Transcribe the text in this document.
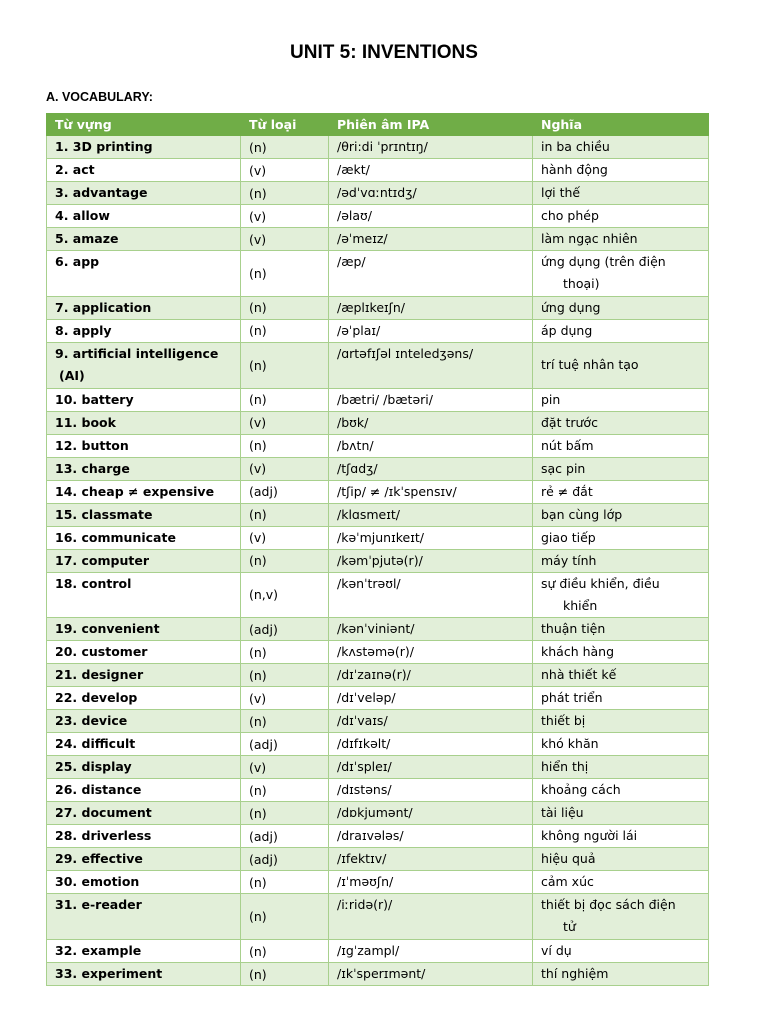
UNIT 5: INVENTIONS
A. VOCABULARY:
Từ vựng	Từ loại	Phiên âm IPA	Nghĩa

1. 3D printing	(n)	/θri:di ˈprɪntɪŋ/	in ba chiều

2. act	(v)	/ækt/	hành động

3. advantage	(n)	/ədˈvɑːntɪdʒ/	lợi thế

4. allow	(v)	/əlaʊ/	cho phép

5. amaze	(v)	/əˈmeɪz/	làm ngạc nhiên

6. app	(n)	/æp/	ứng dụng (trên điện
thoại)

7. application	(n)	/æplɪkeɪʃn/	ứng dụng

8. apply	(n)	/əˈplaɪ/	áp dụng

9. artificial intelligence
(AI)	(n)	/ɑrtəfɪʃəl ɪnteledʒəns/	trí tuệ nhân tạo

10. battery	(n)	/bætri/ /bætəri/	pin

11. book	(v)	/bʊk/	đặt trước

12. button	(n)	/bʌtn/	nút bấm

13. charge	(v)	/tʃɑdʒ/	sạc pin

14. cheap ≠ expensive	(adj)	/tʃip/ ≠ /ɪkˈspensɪv/	rẻ ≠ đắt

15. classmate	(n)	/klɑsmeɪt/	bạn cùng lớp

16. communicate	(v)	/kəˈmjunɪkeɪt/	giao tiếp

17. computer	(n)	/kəmˈpjutə(r)/	máy tính

18. control	(n,v)	/kənˈtrəʊl/	sự điều khiển, điều
khiển

19. convenient	(adj)	/kənˈviniənt/	thuận tiện

20. customer	(n)	/kʌstəmə(r)/	khách hàng

21. designer	(n)	/dɪˈzaɪnə(r)/	nhà thiết kế

22. develop	(v)	/dɪˈveləp/	phát triển

23. device	(n)	/dɪˈvaɪs/	thiết bị

24. difficult	(adj)	/dɪfɪkəlt/	khó khăn

25. display	(v)	/dɪˈspleɪ/	hiển thị

26. distance	(n)	/dɪstəns/	khoảng cách

27. document	(n)	/dɒkjumənt/	tài liệu

28. driverless	(adj)	/draɪvələs/	không người lái

29. effective	(adj)	/ɪfektɪv/	hiệu quả

30. emotion	(n)	/ɪˈməʊʃn/	cảm xúc

31. e-reader	(n)	/iːridə(r)/	thiết bị đọc sách điện
tử

32. example	(n)	/ɪgˈzampl/	ví dụ

33. experiment	(n)	/ɪkˈsperɪmənt/	thí nghiệm
